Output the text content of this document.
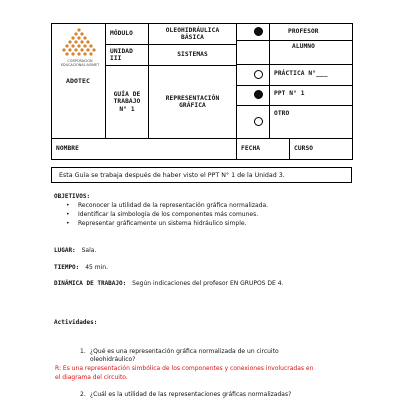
CORPORACION EDUCACIONAL ASIMET
ADOTEC
MÓDULO
OLEOHIDRÁULICA BÁSICA
UNIDAD III
SISTEMAS
GUÍA DE TRABAJO N° 1
REPRESENTACIÓN GRÁFICA
PROFESOR
ALUMNO
PRÁCTICA N°___
PPT N° 1
OTRO
NOMBRE	FECHA	CURSO
Esta Guía se trabaja después de haber visto el PPT N° 1 de la Unidad 3.
OBJETIVOS:
• Reconocer la utilidad de la representación gráfica normalizada.
• Identificar la simbología de los componentes más comunes.
• Representar gráficamente un sistema hidráulico simple.
LUGAR: Sala.
TIEMPO: 45 min.
DINÁMICA DE TRABAJO: Según indicaciones del profesor EN GRUPOS DE 4.
Actividades:
1. ¿Qué es una representación gráfica normalizada de un circuito
oleohidráulico?
R: Es una representación simbólica de los componentes y conexiones involucradas en
el diagrama del circuito.
2. ¿Cuál es la utilidad de las representaciones gráficas normalizadas?
